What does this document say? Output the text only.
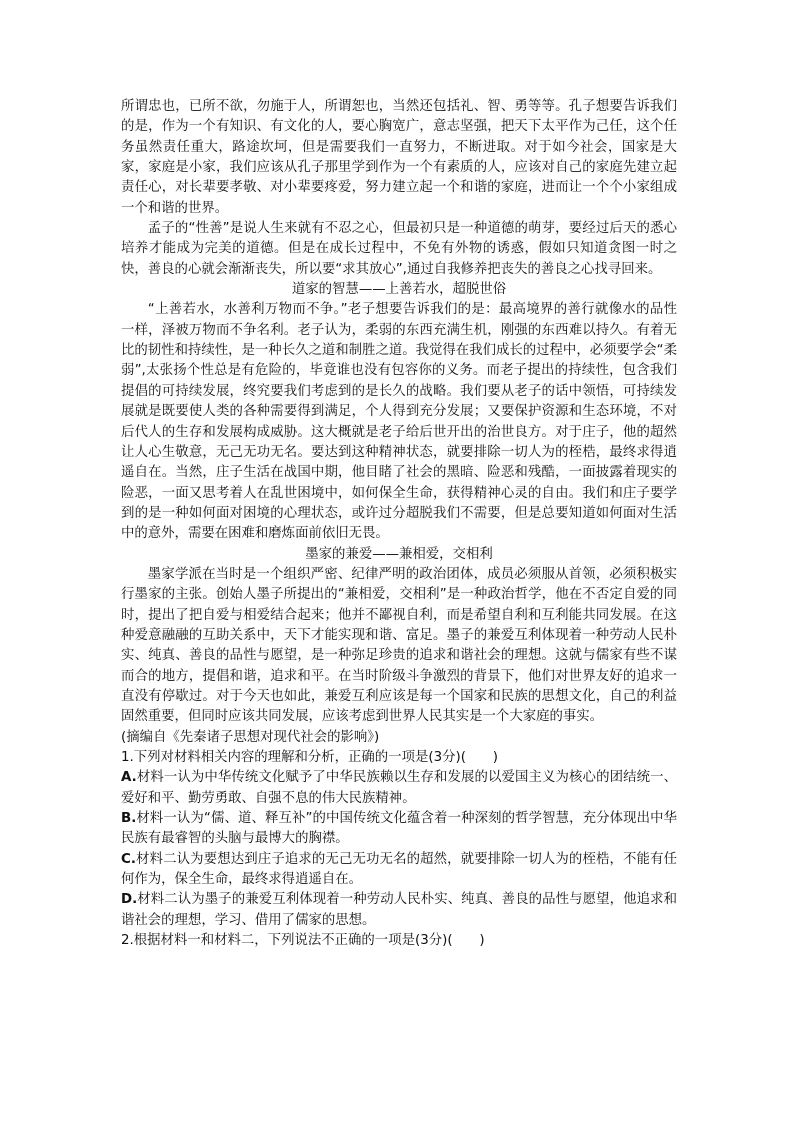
所谓忠也，已所不欲，勿施于人，所谓恕也，当然还包括礼、智、勇等等。孔子想要告诉我们的是，作为一个有知识、有文化的人，要心胸宽广，意志坚强，把天下太平作为己任，这个任务虽然责任重大，路途坎坷，但是需要我们一直努力，不断进取。对于如今社会，国家是大家，家庭是小家，我们应该从孔子那里学到作为一个有素质的人，应该对自己的家庭先建立起责任心，对长辈要孝敬、对小辈要疼爱，努力建立起一个和谐的家庭，进而让一个个小家组成一个和谐的世界。

孟子的“性善”是说人生来就有不忍之心，但最初只是一种道德的萌芽，要经过后天的悉心培养才能成为完美的道德。但是在成长过程中，不免有外物的诱惑，假如只知道贪图一时之快，善良的心就会渐渐丧失，所以要“求其放心”,通过自我修养把丧失的善良之心找寻回来。

道家的智慧——上善若水，超脱世俗

“上善若水，水善利万物而不争。”老子想要告诉我们的是：最高境界的善行就像水的品性一样，泽被万物而不争名利。老子认为，柔弱的东西充满生机，刚强的东西难以持久。有着无比的韧性和持续性，是一种长久之道和制胜之道。我觉得在我们成长的过程中，必须要学会“柔弱”,太张扬个性总是有危险的，毕竟谁也没有包容你的义务。而老子提出的持续性，包含我们提倡的可持续发展，终究要我们考虑到的是长久的战略。我们要从老子的话中领悟，可持续发展就是既要使人类的各种需要得到满足，个人得到充分发展；又要保护资源和生态环境，不对后代人的生存和发展构成威胁。这大概就是老子给后世开出的治世良方。对于庄子，他的超然让人心生敬意，无己无功无名。要达到这种精神状态，就要排除一切人为的桎梏，最终求得逍遥自在。当然，庄子生活在战国中期，他目睹了社会的黑暗、险恶和残酷，一面披露着现实的险恶，一面又思考着人在乱世困境中，如何保全生命，获得精神心灵的自由。我们和庄子要学到的是一种如何面对困境的心理状态，或许过分超脱我们不需要，但是总要知道如何面对生活中的意外，需要在困难和磨炼面前依旧无畏。

墨家的兼爱——兼相爱，交相利

墨家学派在当时是一个组织严密、纪律严明的政治团体，成员必须服从首领，必须积极实行墨家的主张。创始人墨子所提出的“兼相爱，交相利”是一种政治哲学，他在不否定自爱的同时，提出了把自爱与相爱结合起来；他并不鄙视自利，而是希望自利和互利能共同发展。在这种爱意融融的互助关系中，天下才能实现和谐、富足。墨子的兼爱互利体现着一种劳动人民朴实、纯真、善良的品性与愿望，是一种弥足珍贵的追求和谐社会的理想。这就与儒家有些不谋而合的地方，提倡和谐，追求和平。在当时阶级斗争激烈的背景下，他们对世界友好的追求一直没有停歇过。对于今天也如此，兼爱互利应该是每一个国家和民族的思想文化，自己的利益固然重要，但同时应该共同发展，应该考虑到世界人民其实是一个大家庭的事实。

(摘编自《先秦诸子思想对现代社会的影响》)

1.下列对材料相关内容的理解和分析，正确的一项是(3分)(　　)

A.材料一认为中华传统文化赋予了中华民族赖以生存和发展的以爱国主义为核心的团结统一、爱好和平、勤劳勇敢、自强不息的伟大民族精神。

B.材料一认为“儒、道、释互补”的中国传统文化蕴含着一种深刻的哲学智慧，充分体现出中华民族有最睿智的头脑与最博大的胸襟。

C.材料二认为要想达到庄子追求的无己无功无名的超然，就要排除一切人为的桎梏，不能有任何作为，保全生命，最终求得逍遥自在。

D.材料二认为墨子的兼爱互利体现着一种劳动人民朴实、纯真、善良的品性与愿望，他追求和谐社会的理想，学习、借用了儒家的思想。

2.根据材料一和材料二，下列说法不正确的一项是(3分)(　　)
